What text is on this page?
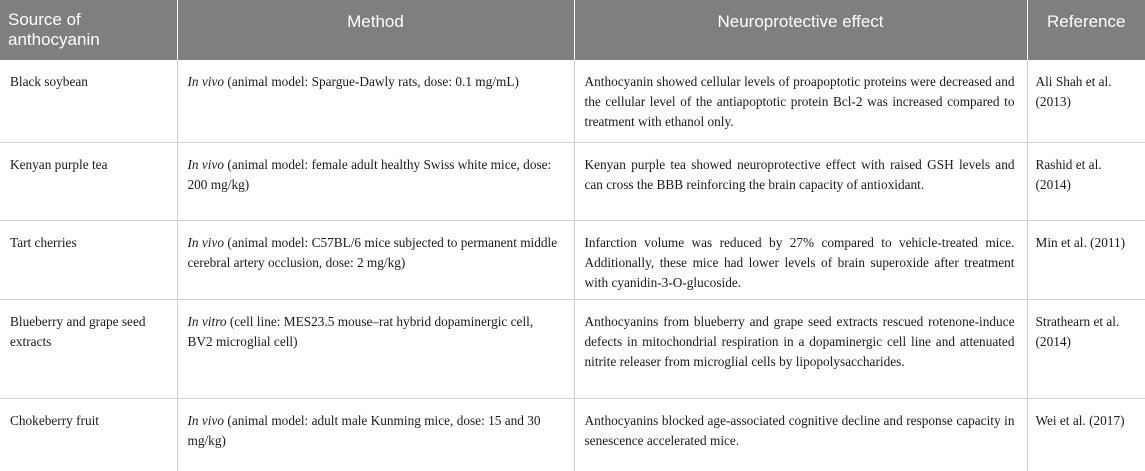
Source of anthocyanin	Method	Neuroprotective effect	Reference
Black soybean	In vivo (animal model: Spargue-Dawly rats, dose: 0.1 mg/mL)	Anthocyanin showed cellular levels of proapoptotic proteins were decreased and the cellular level of the antiapoptotic protein Bcl-2 was increased compared to treatment with ethanol only.	Ali Shah et al. (2013)
Kenyan purple tea	In vivo (animal model: female adult healthy Swiss white mice, dose: 200 mg/kg)	Kenyan purple tea showed neuroprotective effect with raised GSH levels and can cross the BBB reinforcing the brain capacity of antioxidant.	Rashid et al. (2014)
Tart cherries	In vivo (animal model: C57BL/6 mice subjected to permanent middle cerebral artery occlusion, dose: 2 mg/kg)	Infarction volume was reduced by 27% compared to vehicle-treated mice. Additionally, these mice had lower levels of brain superoxide after treatment with cyanidin-3-O-glucoside.	Min et al. (2011)
Blueberry and grape seed extracts	In vitro (cell line: MES23.5 mouse–rat hybrid dopaminergic cell, BV2 microglial cell)	Anthocyanins from blueberry and grape seed extracts rescued rotenone-induce defects in mitochondrial respiration in a dopaminergic cell line and attenuated nitrite releaser from microglial cells by lipopolysaccharides.	Strathearn et al. (2014)
Chokeberry fruit	In vivo (animal model: adult male Kunming mice, dose: 15 and 30 mg/kg)	Anthocyanins blocked age-associated cognitive decline and response capacity in senescence accelerated mice.	Wei et al. (2017)
